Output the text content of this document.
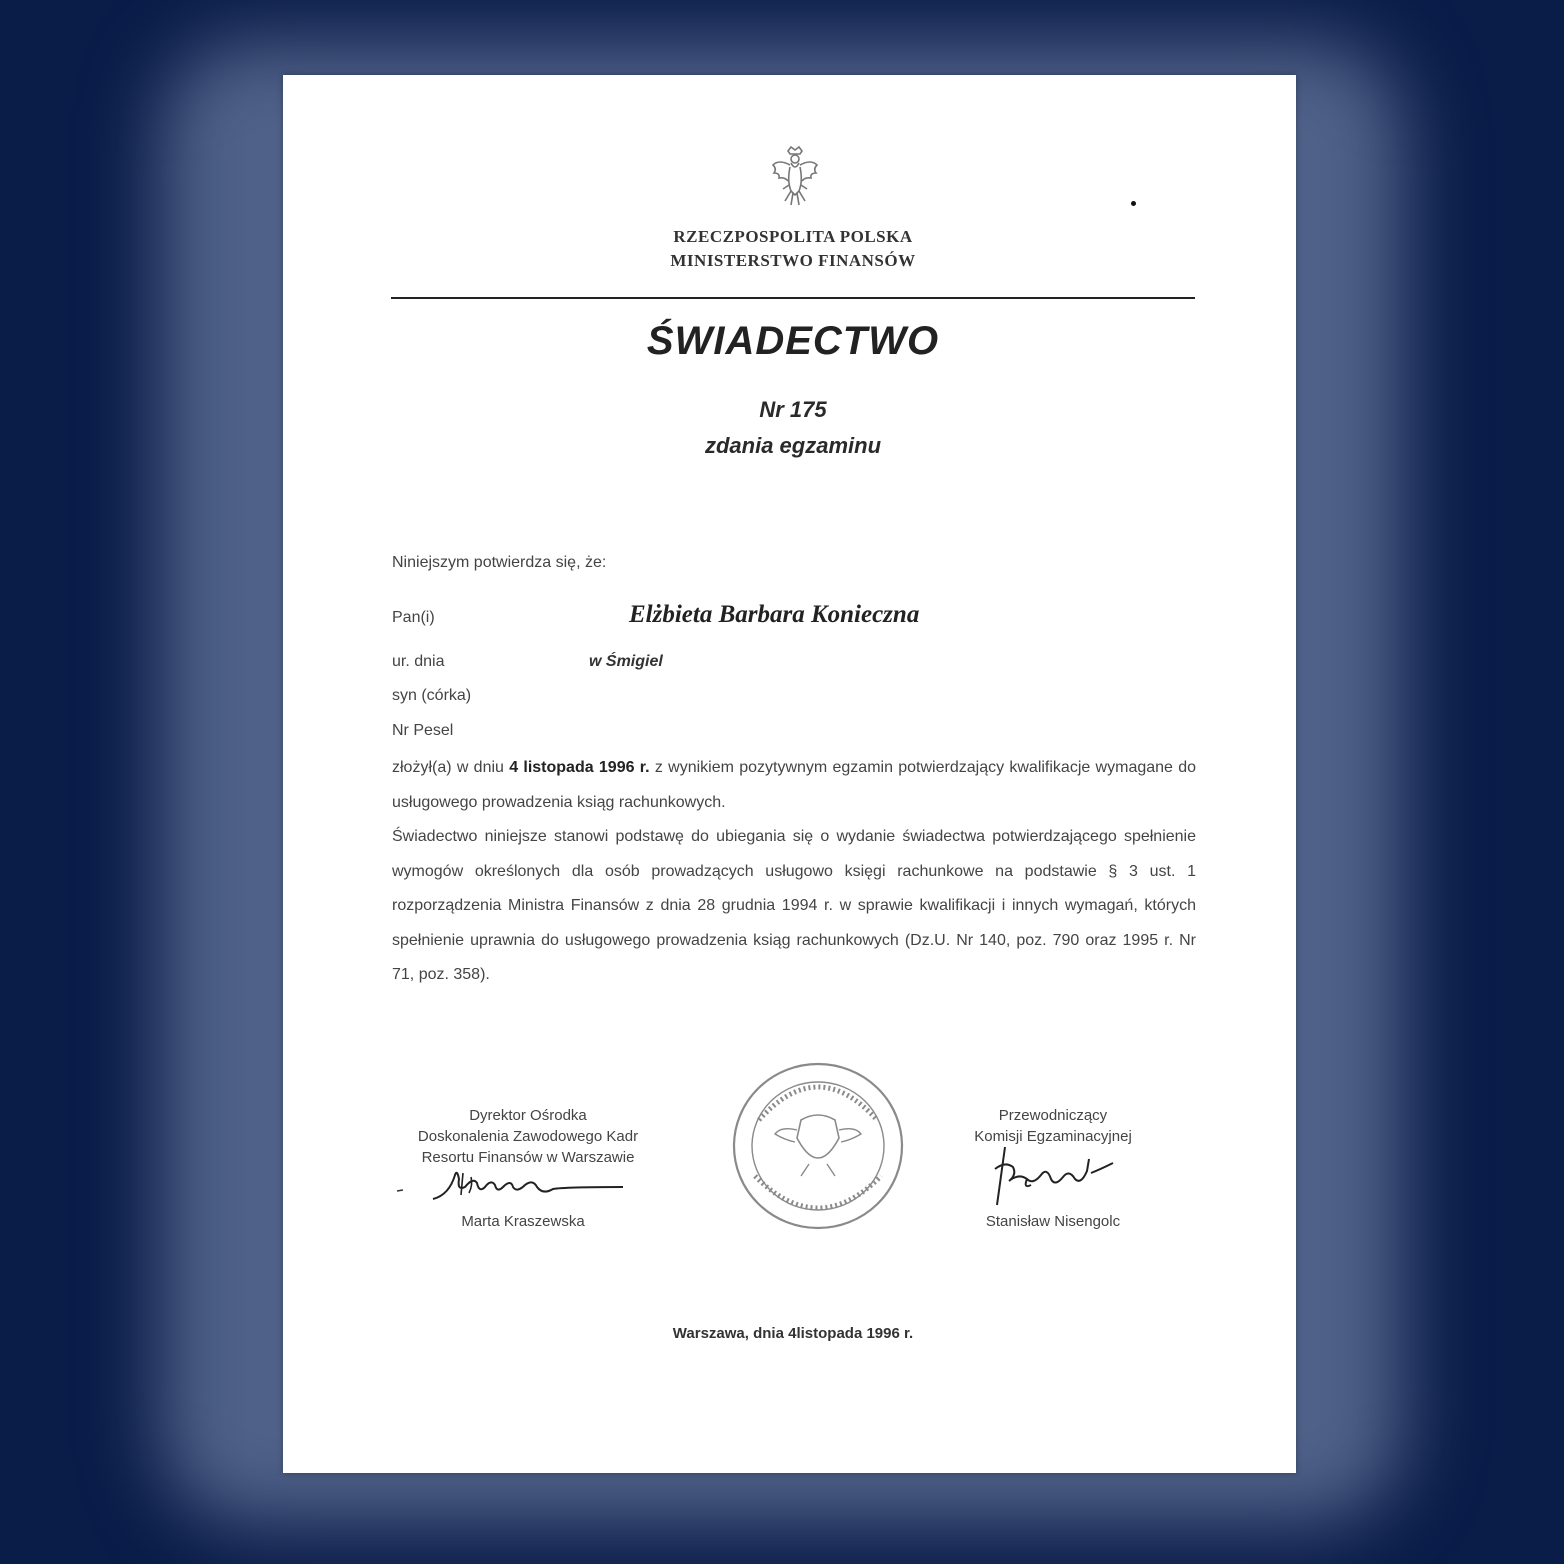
RZECZPOSPOLITA POLSKA
MINISTERSTWO FINANSÓW
ŚWIADECTWO
Nr 175
zdania egzaminu
Niniejszym potwierdza się, że:
Pan(i)	Elżbieta Barbara Konieczna
ur. dnia	w Śmigiel
syn (córka)
Nr Pesel

złożył(a) w dniu 4 listopada 1996 r. z wynikiem pozytywnym egzamin potwierdzający kwalifikacje wymagane do usługowego prowadzenia ksiąg rachunkowych.

Świadectwo niniejsze stanowi podstawę do ubiegania się o wydanie świadectwa potwierdzającego spełnienie wymogów określonych dla osób prowadzących usługowo księgi rachunkowe na podstawie § 3 ust. 1 rozporządzenia Ministra Finansów z dnia 28 grudnia 1994 r. w sprawie kwalifikacji i innych wymagań, których spełnienie uprawnia do usługowego prowadzenia ksiąg rachunkowych (Dz.U. Nr 140, poz. 790 oraz 1995 r. Nr 71, poz. 358).

Dyrektor Ośrodka
Doskonalenia Zawodowego Kadr
Resortu Finansów w Warszawie
Marta Kraszewska
Przewodniczący
Komisji Egzaminacyjnej
Stanisław Nisengolc
Warszawa, dnia 4listopada 1996 r.
